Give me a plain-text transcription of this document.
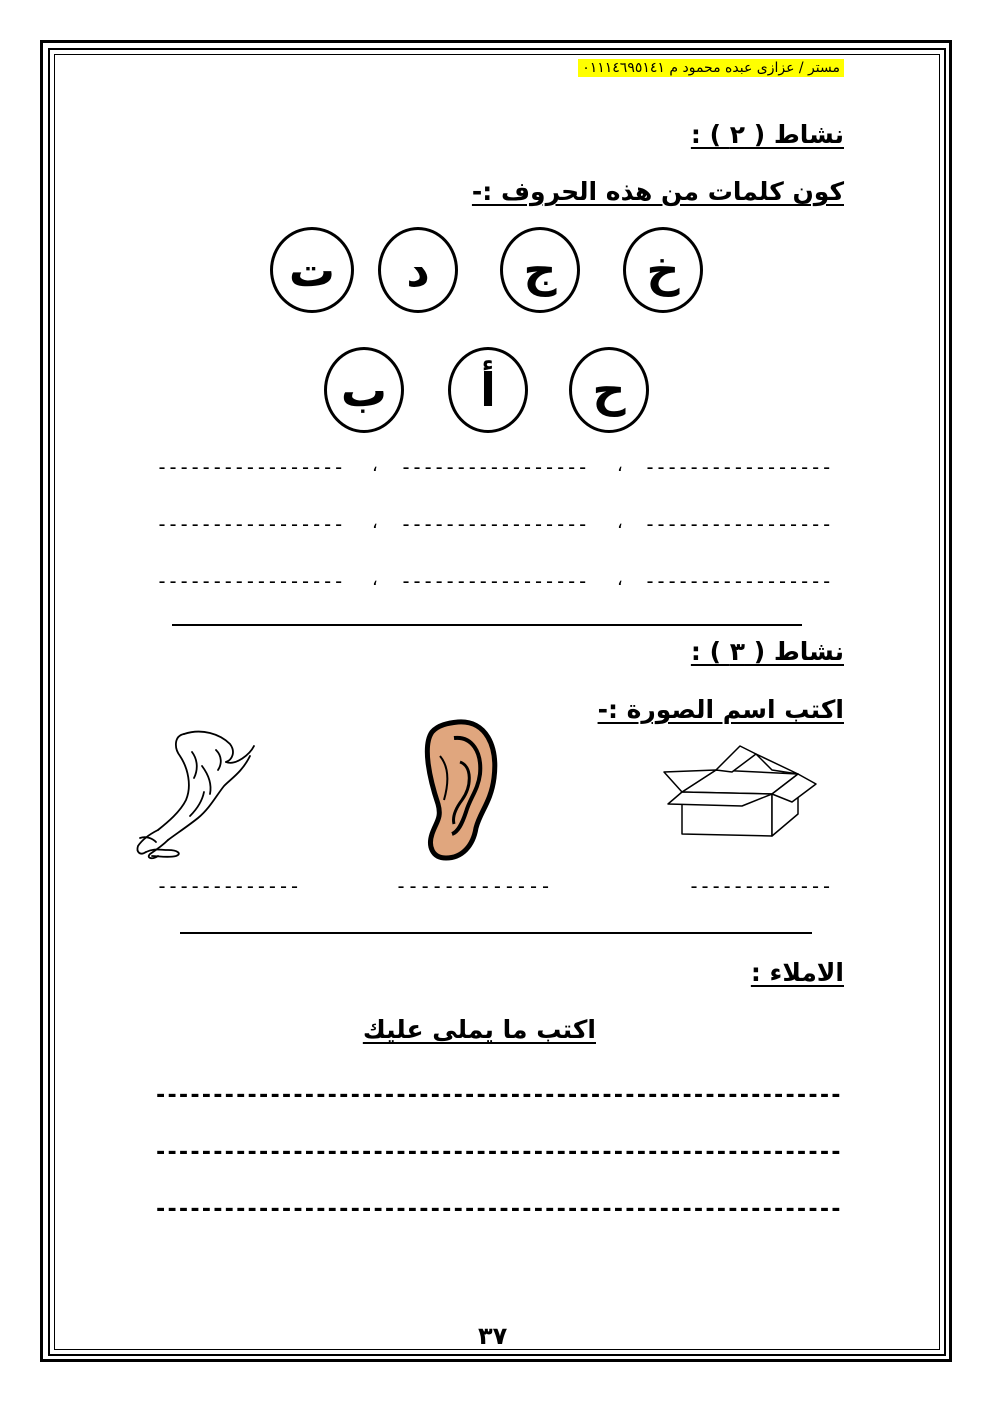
مستر / عزازى عبده محمود م ٠١١١٤٦٩٥١٤١
نشاط ( ٢ ) :
كون كلمات من هذه الحروف :-
خ
ج
د
ت
ح
أ
ب
-----------------
،
-----------------
،
-----------------
-----------------
،
-----------------
،
-----------------
-----------------
،
-----------------
،
-----------------
نشاط ( ٣ ) :
اكتب اسم الصورة :-
-------------
-------------
-------------
الاملاء :
اكتب ما يملى عليك
------------------------------------------------------------
------------------------------------------------------------
------------------------------------------------------------
٣٧
